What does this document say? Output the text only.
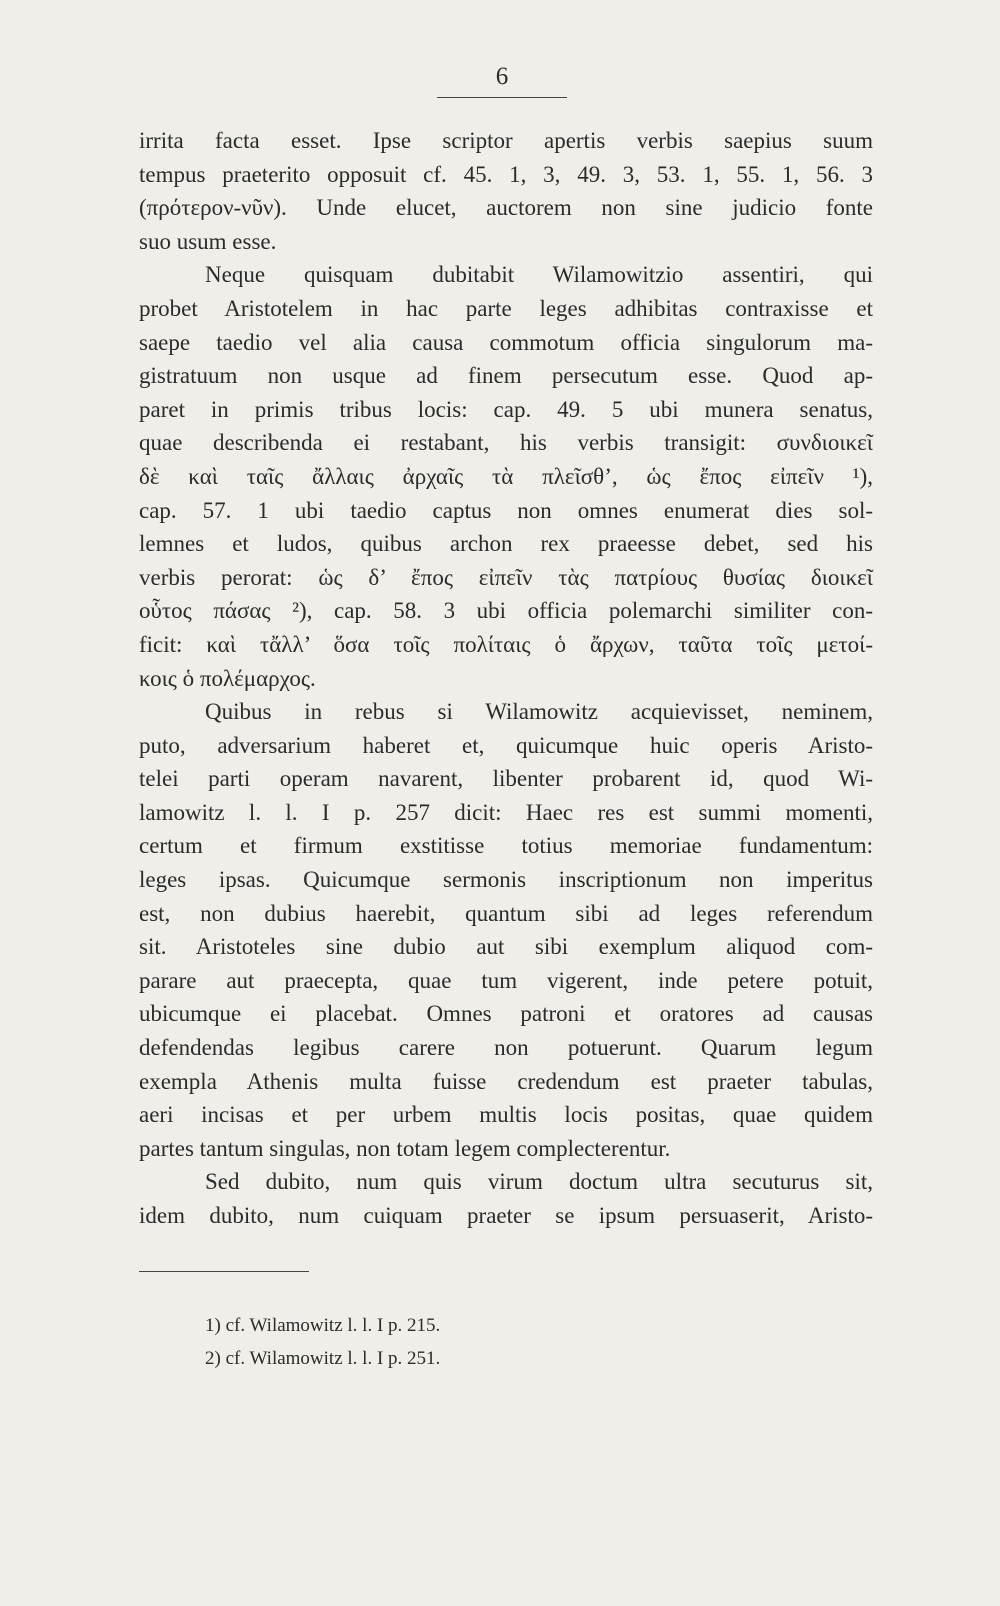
6
irrita facta esset. Ipse scriptor apertis verbis saepius suum
tempus praeterito opposuit cf. 45. 1, 3, 49. 3, 53. 1, 55. 1, 56. 3
(πρότερον-νῦν). Unde elucet, auctorem non sine judicio fonte
suo usum esse.
Neque quisquam dubitabit Wilamowitzio assentiri, qui
probet Aristotelem in hac parte leges adhibitas contraxisse et
saepe taedio vel alia causa commotum officia singulorum ma-
gistratuum non usque ad finem persecutum esse. Quod ap-
paret in primis tribus locis: cap. 49. 5 ubi munera senatus,
quae describenda ei restabant, his verbis transigit: συνδιοικεῖ
δὲ καὶ ταῖς ἄλλαις ἀρχαῖς τὰ πλεῖσθ’, ὡς ἔπος εἰπεῖν ¹),
cap. 57. 1 ubi taedio captus non omnes enumerat dies sol-
lemnes et ludos, quibus archon rex praeesse debet, sed his
verbis perorat: ὡς δ’ ἔπος εἰπεῖν τὰς πατρίους θυσίας διοικεῖ
οὗτος πάσας ²), cap. 58. 3 ubi officia polemarchi similiter con-
ficit: καὶ τἄλλ’ ὅσα τοῖς πολίταις ὁ ἄρχων, ταῦτα τοῖς μετοί-
κοις ὁ πολέμαρχος.
Quibus in rebus si Wilamowitz acquievisset, neminem,
puto, adversarium haberet et, quicumque huic operis Aristo-
telei parti operam navarent, libenter probarent id, quod Wi-
lamowitz l. l. I p. 257 dicit: Haec res est summi momenti,
certum et firmum exstitisse totius memoriae fundamentum:
leges ipsas. Quicumque sermonis inscriptionum non imperitus
est, non dubius haerebit, quantum sibi ad leges referendum
sit. Aristoteles sine dubio aut sibi exemplum aliquod com-
parare aut praecepta, quae tum vigerent, inde petere potuit,
ubicumque ei placebat. Omnes patroni et oratores ad causas
defendendas legibus carere non potuerunt. Quarum legum
exempla Athenis multa fuisse credendum est praeter tabulas,
aeri incisas et per urbem multis locis positas, quae quidem
partes tantum singulas, non totam legem complecterentur.
Sed dubito, num quis virum doctum ultra secuturus sit,
idem dubito, num cuiquam praeter se ipsum persuaserit, Aristo-
1) cf. Wilamowitz l. l. I p. 215.
2) cf. Wilamowitz l. l. I p. 251.
